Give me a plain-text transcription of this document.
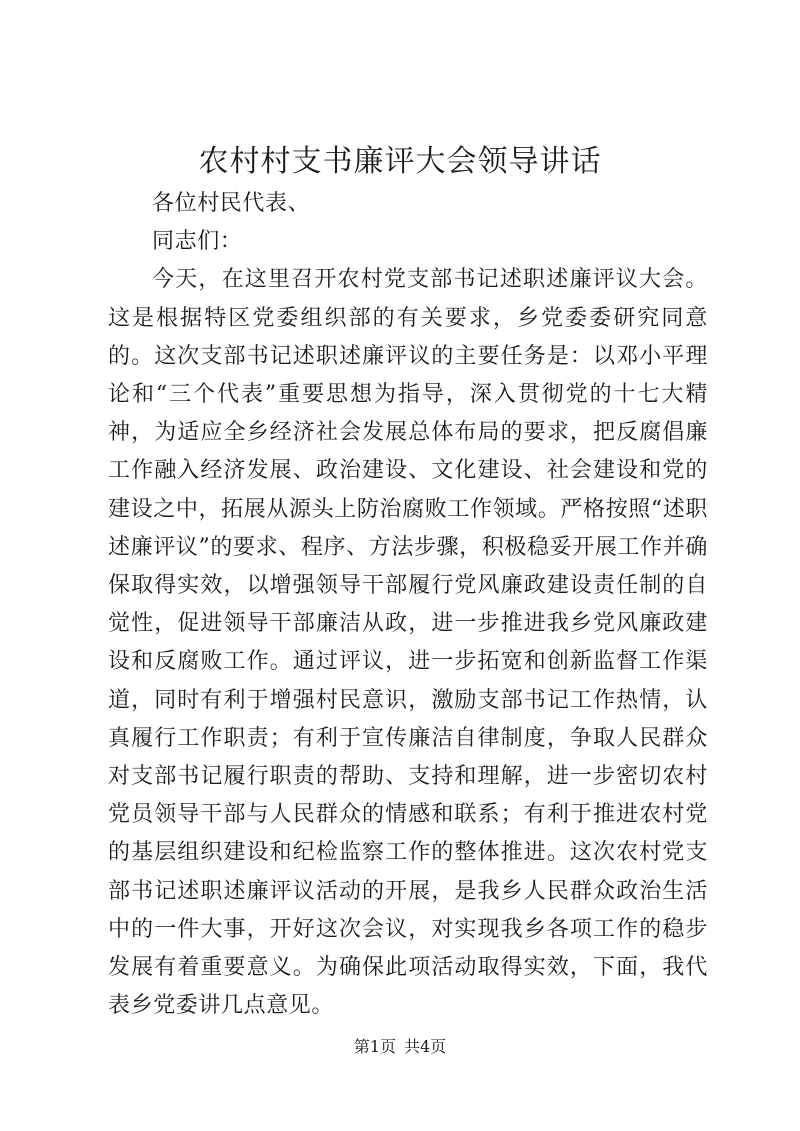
农村村支书廉评大会领导讲话

各位村民代表、

同志们：

今天，在这里召开农村党支部书记述职述廉评议大会。这是根据特区党委组织部的有关要求，乡党委委研究同意的。这次支部书记述职述廉评议的主要任务是：以邓小平理论和“三个代表”重要思想为指导，深入贯彻党的十七大精神，为适应全乡经济社会发展总体布局的要求，把反腐倡廉工作融入经济发展、政治建设、文化建设、社会建设和党的建设之中，拓展从源头上防治腐败工作领域。严格按照“述职述廉评议”的要求、程序、方法步骤，积极稳妥开展工作并确保取得实效，以增强领导干部履行党风廉政建设责任制的自觉性，促进领导干部廉洁从政，进一步推进我乡党风廉政建设和反腐败工作。通过评议，进一步拓宽和创新监督工作渠道，同时有利于增强村民意识，激励支部书记工作热情，认真履行工作职责；有利于宣传廉洁自律制度，争取人民群众对支部书记履行职责的帮助、支持和理解，进一步密切农村党员领导干部与人民群众的情感和联系；有利于推进农村党的基层组织建设和纪检监察工作的整体推进。这次农村党支部书记述职述廉评议活动的开展，是我乡人民群众政治生活中的一件大事，开好这次会议，对实现我乡各项工作的稳步发展有着重要意义。为确保此项活动取得实效，下面，我代表乡党委讲几点意见。

第1页 共4页
